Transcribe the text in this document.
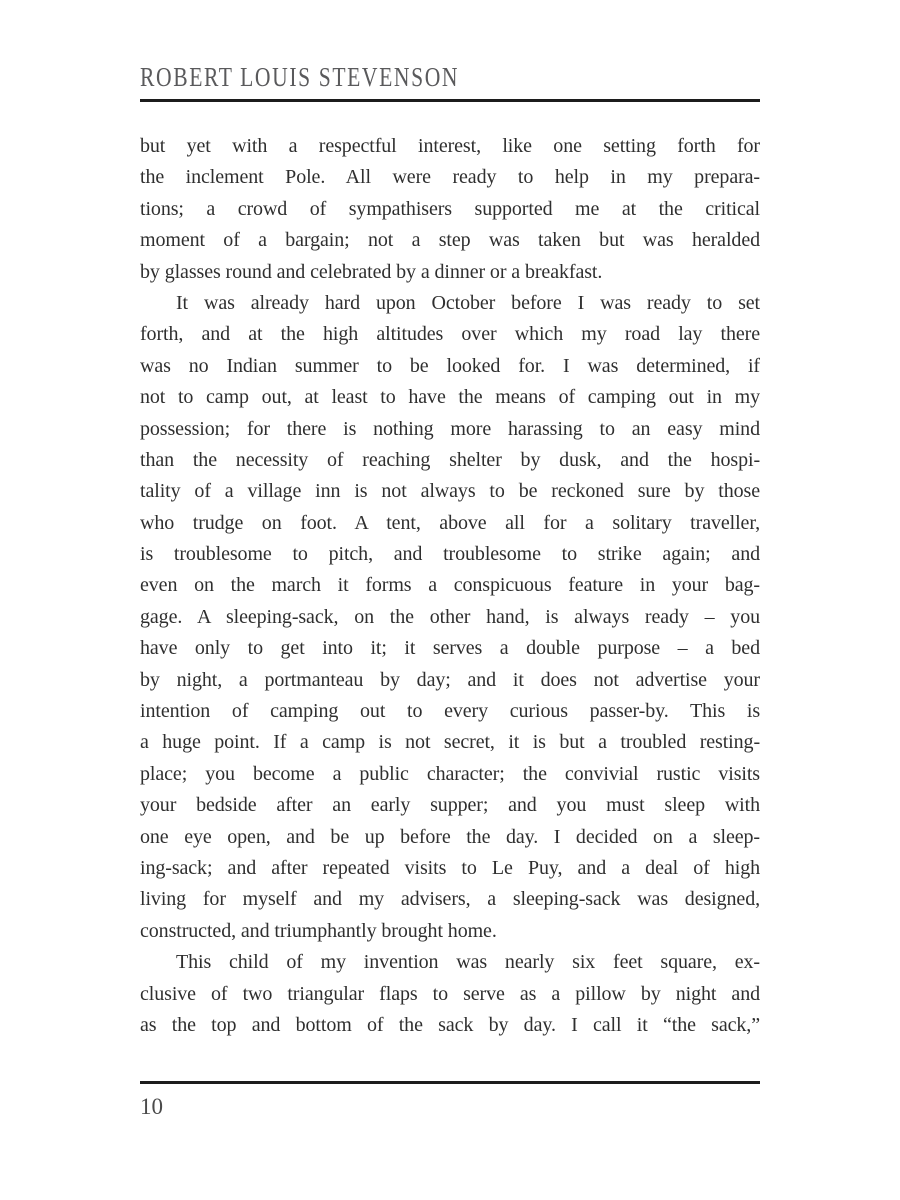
ROBERT LOUIS STEVENSON
but yet with a respectful interest, like one setting forth for
the inclement Pole. All were ready to help in my prepara-
tions; a crowd of sympathisers supported me at the critical
moment of a bargain; not a step was taken but was heralded
by glasses round and celebrated by a dinner or a breakfast.
It was already hard upon October before I was ready to set
forth, and at the high altitudes over which my road lay there
was no Indian summer to be looked for. I was determined, if
not to camp out, at least to have the means of camping out in my
possession; for there is nothing more harassing to an easy mind
than the necessity of reaching shelter by dusk, and the hospi-
tality of a village inn is not always to be reckoned sure by those
who trudge on foot. A tent, above all for a solitary traveller,
is troublesome to pitch, and troublesome to strike again; and
even on the march it forms a conspicuous feature in your bag-
gage. A sleeping-sack, on the other hand, is always ready – you
have only to get into it; it serves a double purpose – a bed
by night, a portmanteau by day; and it does not advertise your
intention of camping out to every curious passer-by. This is
a huge point. If a camp is not secret, it is but a troubled resting-
place; you become a public character; the convivial rustic visits
your bedside after an early supper; and you must sleep with
one eye open, and be up before the day. I decided on a sleep-
ing-sack; and after repeated visits to Le Puy, and a deal of high
living for myself and my advisers, a sleeping-sack was designed,
constructed, and triumphantly brought home.
This child of my invention was nearly six feet square, ex-
clusive of two triangular flaps to serve as a pillow by night and
as the top and bottom of the sack by day. I call it “the sack,”
10
